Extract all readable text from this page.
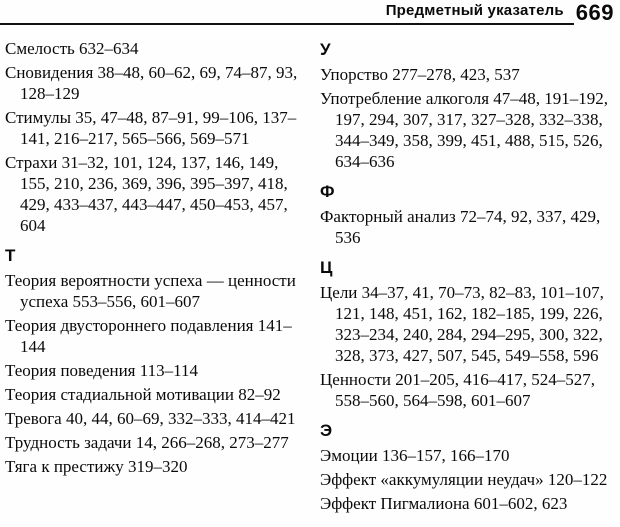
Предметный указатель 669
Смелость 632–634
Сновидения 38–48, 60–62, 69, 74–87, 93, 128–129
Стимулы 35, 47–48, 87–91, 99–106, 137–141, 216–217, 565–566, 569–571
Страхи 31–32, 101, 124, 137, 146, 149, 155, 210, 236, 369, 396, 395–397, 418, 429, 433–437, 443–447, 450–453, 457, 604
Т
Теория вероятности успеха — ценности успеха 553–556, 601–607
Теория двустороннего подавления 141–144
Теория поведения 113–114
Теория стадиальной мотивации 82–92
Тревога 40, 44, 60–69, 332–333, 414–421
Трудность задачи 14, 266–268, 273–277
Тяга к престижу 319–320
У
Упорство 277–278, 423, 537
Употребление алкоголя 47–48, 191–192, 197, 294, 307, 317, 327–328, 332–338, 344–349, 358, 399, 451, 488, 515, 526, 634–636
Ф
Факторный анализ 72–74, 92, 337, 429, 536
Ц
Цели 34–37, 41, 70–73, 82–83, 101–107, 121, 148, 451, 162, 182–185, 199, 226, 323–234, 240, 284, 294–295, 300, 322, 328, 373, 427, 507, 545, 549–558, 596
Ценности 201–205, 416–417, 524–527, 558–560, 564–598, 601–607
Э
Эмоции 136–157, 166–170
Эффект «аккумуляции неудач» 120–122
Эффект Пигмалиона 601–602, 623
